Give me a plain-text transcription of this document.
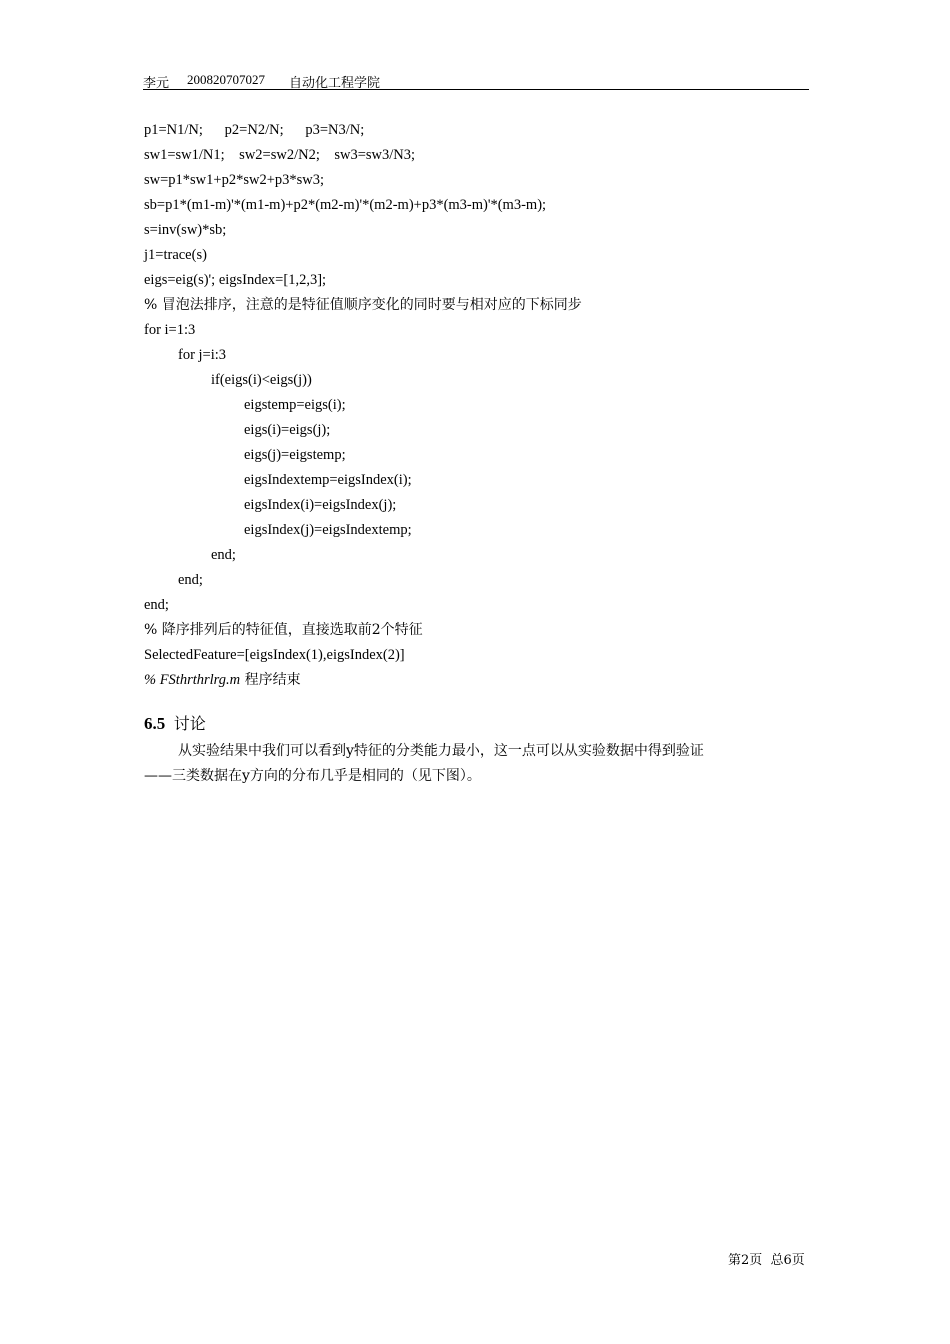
李元 200820707027 自动化工程学院
p1=N1/N;      p2=N2/N;      p3=N3/N;
sw1=sw1/N1;    sw2=sw2/N2;    sw3=sw3/N3;
sw=p1*sw1+p2*sw2+p3*sw3;
sb=p1*(m1-m)'*(m1-m)+p2*(m2-m)'*(m2-m)+p3*(m3-m)'*(m3-m);
s=inv(sw)*sb;
j1=trace(s)
eigs=eig(s)'; eigsIndex=[1,2,3];
% 冒泡法排序，注意的是特征值顺序变化的同时要与相对应的下标同步
for i=1:3
for j=i:3
if(eigs(i)<eigs(j))
eigstemp=eigs(i);
eigs(i)=eigs(j);
eigs(j)=eigstemp;
eigsIndextemp=eigsIndex(i);
eigsIndex(i)=eigsIndex(j);
eigsIndex(j)=eigsIndextemp;
end;
end;
end;
% 降序排列后的特征值，直接选取前2个特征
SelectedFeature=[eigsIndex(1),eigsIndex(2)]
% FSthrthrlrg.m 程序结束
6.5 讨论
从实验结果中我们可以看到y特征的分类能力最小，这一点可以从实验数据中得到验证
——三类数据在y方向的分布几乎是相同的（见下图）。
第2页  总6页
